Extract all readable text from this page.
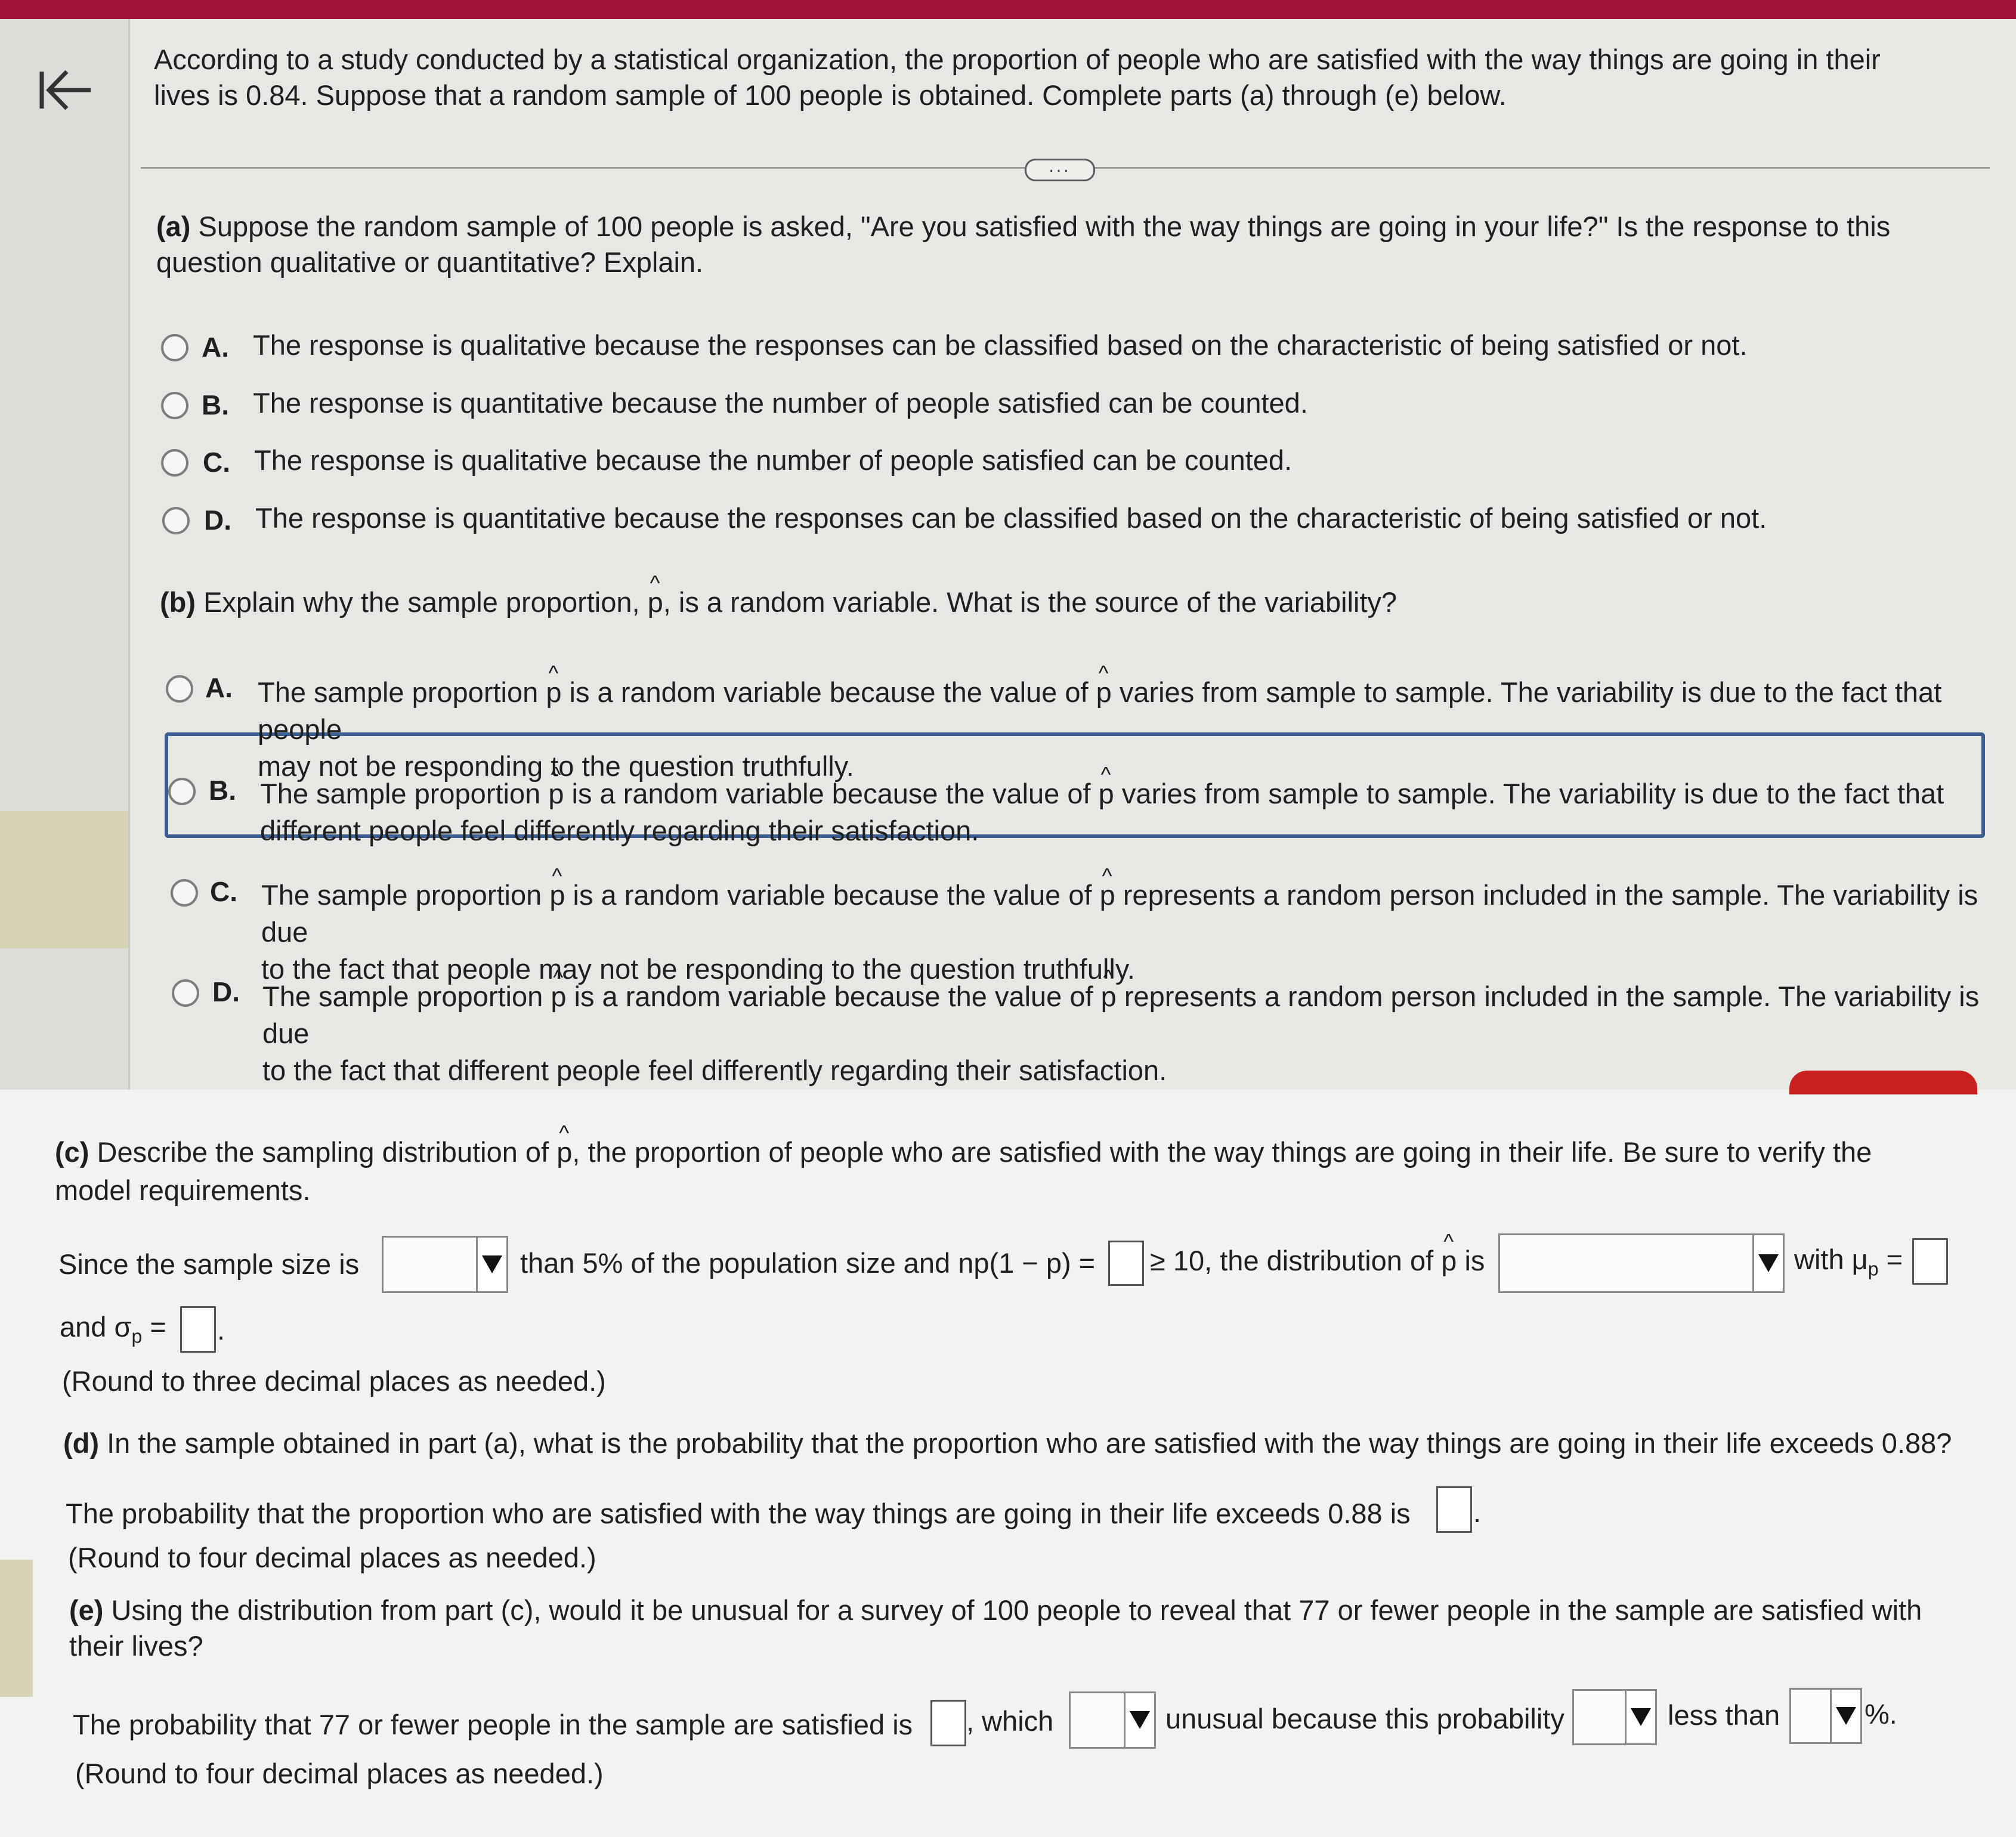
According to a study conducted by a statistical organization, the proportion of people who are satisfied with the way things are going in their lives is 0.84. Suppose that a random sample of 100 people is obtained. Complete parts (a) through (e) below.
...
(a) Suppose the random sample of 100 people is asked, "Are you satisfied with the way things are going in your life?" Is the response to this question qualitative or quantitative? Explain.
A. The response is qualitative because the responses can be classified based on the characteristic of being satisfied or not.
B. The response is quantitative because the number of people satisfied can be counted.
C. The response is qualitative because the number of people satisfied can be counted.
D. The response is quantitative because the responses can be classified based on the characteristic of being satisfied or not.
(b) Explain why the sample proportion, ^ p, is a random variable. What is the source of the variability?
A. The sample proportion ^ p is a random variable because the value of ^ p varies from sample to sample. The variability is due to the fact that people
may not be responding to the question truthfully.
B. The sample proportion ^ p is a random variable because the value of ^ p varies from sample to sample. The variability is due to the fact that
different people feel differently regarding their satisfaction.
C. The sample proportion ^ p is a random variable because the value of ^ p represents a random person included in the sample. The variability is due
to the fact that people may not be responding to the question truthfully.
D. The sample proportion ^ p is a random variable because the value of ^ p represents a random person included in the sample. The variability is due
to the fact that different people feel differently regarding their satisfaction.
(c) Describe the sampling distribution of ^ p, the proportion of people who are satisfied with the way things are going in their life. Be sure to verify the
model requirements.
Since the sample size is	than 5% of the population size and np(1 − p) = ≥ 10, the distribution of ^ p is	with $\mu_p$ =
and $\sigma_p$ = .
(Round to three decimal places as needed.)
(d) In the sample obtained in part (a), what is the probability that the proportion who are satisfied with the way things are going in their life exceeds 0.88?
The probability that the proportion who are satisfied with the way things are going in their life exceeds 0.88 is .
(Round to four decimal places as needed.)
(e) Using the distribution from part (c), would it be unusual for a survey of 100 people to reveal that 77 or fewer people in the sample are satisfied with
their lives?
The probability that 77 or fewer people in the sample are satisfied is , which	unusual because this probability	less than	%.
(Round to four decimal places as needed.)
